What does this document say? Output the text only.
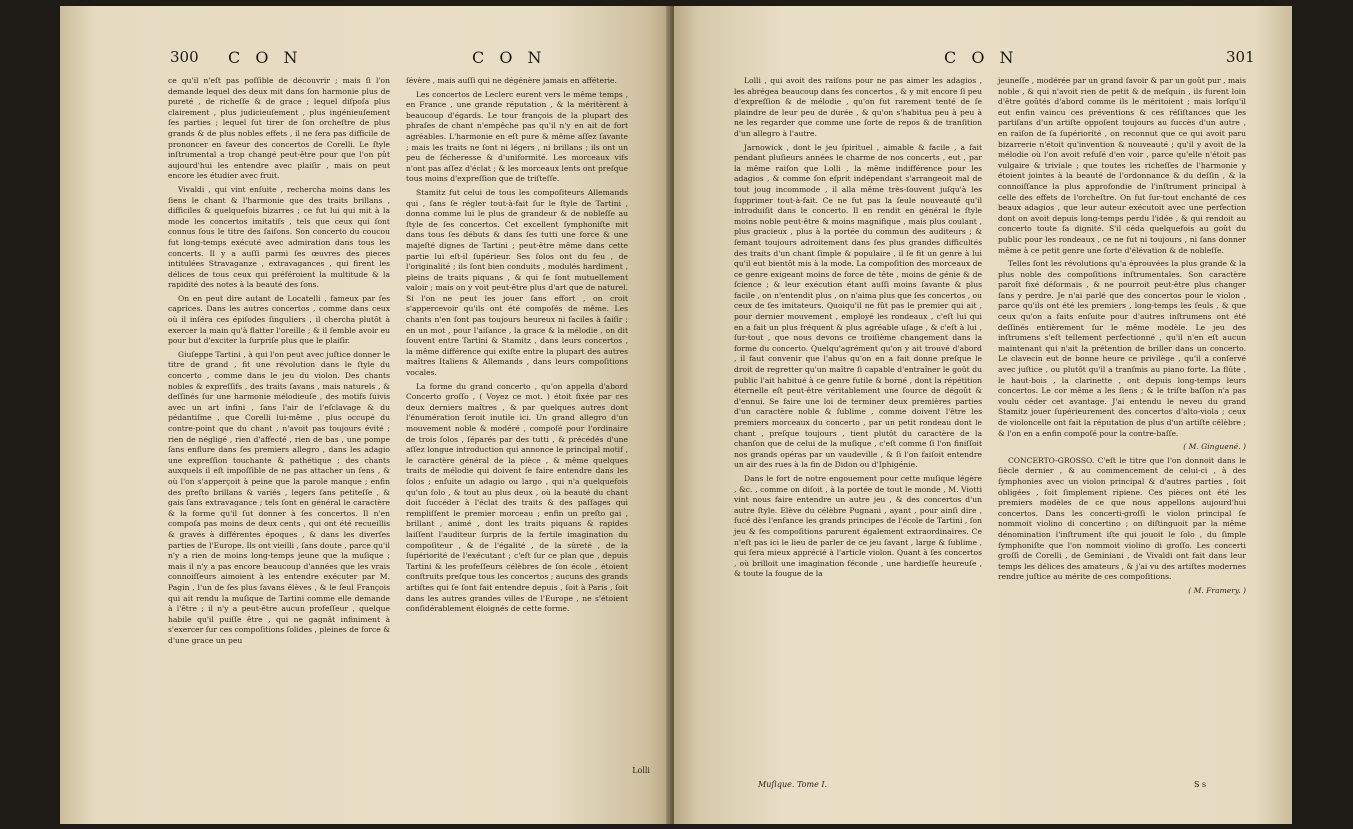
300 C O N	C O N

ce qu'il n'eſt pas poſſible de découvrir ; mais ſi l'on demande lequel des deux mit dans ſon harmonie plus de pureté , de richeſſe & de grace ; lequel diſpoſa plus clairement , plus judicieuſement , plus ingénieuſement ſes parties ; lequel ſut tirer de ſon orcheſtre de plus grands & de plus nobles effets , il ne ſera pas difficile de prononcer en faveur des concertos de Corelli. Le ſtyle inſtrumental a trop changé peut-être pour que l'on pût aujourd'hui les entendre avec plaiſir , mais on peut encore les étudier avec fruit.

Vivaldi , qui vint enſuite , rechercha moins dans les ſiens le chant & l'harmonie que des traits brillans , difficiles & quelquefois bizarres ; ce fut lui qui mit à la mode les concertos imitatifs , tels que ceux qui ſont connus ſous le titre des ſaiſons. Son concerto du coucou fut long-temps exécuté avec admiration dans tous les concerts. Il y a auſſi parmi ſes œuvres des pieces intitulées Stravaganze , extravagances , qui firent les délices de tous ceux qui préféroient la multitude & la rapidité des notes à la beauté des ſons.

On en peut dire autant de Locatelli , fameux par ſes caprices. Dans les autres concertos , comme dans ceux où il inſéra ces épiſodes ſinguliers , il chercha plutôt à exercer la main qu'à flatter l'oreille ; & il ſemble avoir eu pour but d'exciter la ſurpriſe plus que le plaiſir.

Giuſeppe Tartini , à qui l'on peut avec juſtice donner le titre de grand , fit une révolution dans le ſtyle du concerto , comme dans le jeu du violon. Des chants nobles & expreſſifs , des traits ſavans , mais naturels , & deſſinés ſur une harmonie mélodieuſe , des motifs ſuivis avec un art infini , ſans l'air de l'eſclavage & du pédantiſme , que Corelli lui-même , plus occupé du contre-point que du chant , n'avoit pas toujours évité ; rien de négligé , rien d'affecté , rien de bas , une pompe ſans enflure dans ſes premiers allegro , dans les adagio une expreſſion touchante & pathétique ; des chants auxquels il eſt impoſſible de ne pas attacher un ſens , & où l'on s'apperçoit à peine que la parole manque ; enfin des preſto brillans & variés , legers ſans petiteſſe , & gais ſans extravagance ; tels ſont en général le caractère & la forme qu'il ſut donner à ſes concertos. Il n'en compoſa pas moins de deux cents , qui ont été recueillis & gravés à différentes époques , & dans les diverſes parties de l'Europe. Ils ont vieilli , ſans doute , parce qu'il n'y a rien de moins long-temps jeune que la muſique ; mais il n'y a pas encore beaucoup d'années que les vrais connoiſſeurs aimoient à les entendre exécuter par M. Pagin , l'un de ſes plus ſavans élèves , & le ſeul François qui ait rendu la muſique de Tartini comme elle demande à l'être ; il n'y a peut-être aucun profeſſeur , quelque habile qu'il puiſſe être , qui ne gagnât infiniment à s'exercer ſur ces compoſitions ſolides , pleines de force & d'une grace un peu

ſévère , mais auſſi qui ne dégénère jamais en afféterie.

Les concertos de Leclerc eurent vers le même temps , en France , une grande réputation , & la méritèrent à beaucoup d'égards. Le tour françois de la plupart des phraſes de chant n'empêche pas qu'il n'y en ait de fort agréables. L'harmonie en eſt pure & même aſſez ſavante ; mais les traits ne ſont ni légers , ni brillans ; ils ont un peu de ſécheresse & d'uniformité. Les morceaux vifs n'ont pas aſſez d'éclat ; & les morceaux lents ont preſque tous moins d'expreſſion que de triſteſſe.

Stamitz fut celui de tous les compoſiteurs Allemands qui , ſans ſe régler tout-à-fait ſur le ſtyle de Tartini , donna comme lui le plus de grandeur & de nobleſſe au ſtyle de ſes concertos. Cet excellent ſymphoniſte mit dans tous ſes débuts & dans ſes tutti une force & une majeſté dignes de Tartini ; peut-être même dans cette partie lui eſt-il ſupérieur. Ses ſolos ont du feu , de l'originalité ; ils ſont bien conduits , modulés hardiment , pleins de traits piquans , & qui ſe ſont mutuellement valoir ; mais on y voit peut-être plus d'art que de naturel. Si l'on ne peut les jouer ſans effort , on croit s'appercevoir qu'ils ont été compoſés de même. Les chants n'en ſont pas toujours heureux ni faciles à ſaiſir ; en un mot , pour l'aiſance , la grace & la mélodie , on dit ſouvent entre Tartini & Stamitz , dans leurs concertos , la même différence qui exiſte entre la plupart des autres maîtres Italiens & Allemands , dans leurs compoſitions vocales.

La forme du grand concerto , qu'on appella d'abord Concerto groſſo , ( Voyez ce mot. ) étoit fixée par ces deux derniers maîtres , & par quelques autres dont l'énumération ſeroit inutile ici. Un grand allegro d'un mouvement noble & modéré , compoſé pour l'ordinaire de trois ſolos , ſéparés par des tutti , & précédés d'une aſſez longue introduction qui annonce le principal motif , le caractère général de la pièce , & même quelques traits de mélodie qui doivent ſe faire entendre dans les ſolos ; enſuite un adagio ou largo , qui n'a quelquefois qu'un ſolo , & tout au plus deux , où la beauté du chant doit ſuccéder à l'éclat des traits & des paſſages qui rempliſſent le premier morceau ; enfin un preſto gai , brillant , animé , dont les traits piquans & rapides laiſſent l'auditeur ſurpris de la fertile imagination du compoſiteur , & de l'égalité , de la sûreté , de la ſupériorité de l'exécutant ; c'eſt ſur ce plan que , depuis Tartini & les profeſſeurs célèbres de ſon école , étoient conſtruits preſque tous les concertos ; aucuns des grands artiſtes qui ſe ſont fait entendre depuis , ſoit à Paris , ſoit dans les autres grandes villes de l'Europe , ne s'étoient conſidérablement éloignés de cette forme.

Lolli
C O N	301

Lolli , qui avoit des raiſons pour ne pas aimer les adagios , les abrégea beaucoup dans ſes concertos , & y mit encore ſi peu d'expreſſion & de mélodie , qu'on fut rarement tenté de ſe plaindre de leur peu de durée , & qu'on s'habitua peu à peu à ne les regarder que comme une ſorte de repos & de tranſition d'un allegro à l'autre.

Jarnowick , dont le jeu ſpirituel , aimable & facile , a fait pendant pluſieurs années le charme de nos concerts , eut , par la même raiſon que Lolli , la même indifférence pour les adagios , & comme ſon eſprit indépendant s'arrangeoit mal de tout joug incommode , il alla même très-ſouvent juſqu'à les ſupprimer tout-à-fait. Ce ne fut pas la ſeule nouveauté qu'il introduiſit dans le concerto. Il en rendit en général le ſtyle moins noble peut-être & moins magnifique , mais plus coulant , plus gracieux , plus à la portée du commun des auditeurs ; & ſemant toujours adroitement dans ſes plus grandes difficultés des traits d'un chant ſimple & populaire , il ſe fit un genre à lui qu'il eut bientôt mis à la mode. La compoſition des morceaux de ce genre exigeant moins de force de tête , moins de génie & de ſcience ; & leur exécution étant auſſi moins ſavante & plus facile , on n'entendit plus , on n'aima plus que ſes concertos , ou ceux de ſes imitateurs. Quoiqu'il ne fût pas le premier qui ait , pour dernier mouvement , employé les rondeaux , c'eſt lui qui en a fait un plus fréquent & plus agréable uſage , & c'eſt à lui , ſur-tout , que nous devons ce troiſième changement dans la forme du concerto. Quelqu'agrément qu'on y ait trouvé d'abord , il faut convenir que l'abus qu'on en a fait donne preſque le droit de regretter qu'un maître ſi capable d'entraîner le goût du public l'ait habitué à ce genre futile & borné , dont la répétition éternelle eſt peut-être véritablement une ſource de dégoût & d'ennui. Se faire une loi de terminer deux premières parties d'un caractère noble & ſublime , comme doivent l'être les premiers morceaux du concerto , par un petit rondeau dont le chant , preſque toujours , tient plutôt du caractère de la chanſon que de celui de la muſique , c'eſt comme ſi l'on finiſſoit nos grands opéras par un vaudeville , & ſi l'on faiſoit entendre un air des rues à la fin de Didon ou d'Iphigénie.

Dans le fort de notre engouement pour cette muſique légère , &c. , comme on diſoit , à la portée de tout le monde , M. Viotti vint nous faire entendre un autre jeu , & des concertos d'un autre ſtyle. Elève du célèbre Pugnani , ayant , pour ainſi dire , ſucé dès l'enfance les grands principes de l'école de Tartini , ſon jeu & ſes compoſitions parurent également extraordinaires. Ce n'eſt pas ici le lieu de parler de ce jeu ſavant , large & ſublime , qui ſera mieux apprécié à l'article violon. Quant à ſes concertos , où brilloit une imagination féconde , une hardieſſe heureuſe , & toute la fougue de la

jeuneſſe , modérée par un grand ſavoir & par un goût pur , mais noble , & qui n'avoit rien de petit & de meſquin , ils furent loin d'être goûtés d'abord comme ils le méritoient ; mais lorſqu'il eut enfin vaincu ces préventions & ces réſiſtances que les partiſans d'un artiſte oppoſent toujours au ſuccès d'un autre , en raiſon de ſa ſupériorité , on reconnut que ce qui avoit paru bizarrerie n'étoit qu'invention & nouveauté ; qu'il y avoit de la mélodie où l'on avoit refuſé d'en voir , parce qu'elle n'étoit pas vulgaire & triviale ; que toutes les richeſſes de l'harmonie y étoient jointes à la beauté de l'ordonnance & du deſſin , & la connoiſſance la plus approfondie de l'inſtrument principal à celle des effets de l'orcheſtre. On fut ſur-tout enchanté de ces beaux adagios , que leur auteur exécutoit avec une perfection dont on avoit depuis long-temps perdu l'idée , & qui rendoit au concerto toute ſa dignité. S'il céda quelquefois au goût du public pour les rondeaux , ce ne fut ni toujours , ni ſans donner même à ce petit genre une ſorte d'élévation & de nobleſſe.

Telles ſont les révolutions qu'a éprouvées la plus grande & la plus noble des compoſitions inſtrumentales. Son caractère paroît fixé déſormais , & ne pourroit peut-être plus changer ſans y perdre. Je n'ai parlé que des concertos pour le violon , parce qu'ils ont été les premiers , long-temps les ſeuls , & que ceux qu'on a faits enſuite pour d'autres inſtrumens ont été deſſinés entièrement ſur le même modèle. Le jeu des inſtrumens s'eſt tellement perfectionné , qu'il n'en eſt aucun maintenant qui n'ait la prétention de briller dans un concerto. Le clavecin eut de bonne heure ce privilège , qu'il a conſervé avec juſtice , ou plutôt qu'il a tranſmis au piano forte. La flûte , le haut-bois , la clarinette , ont depuis long-temps leurs concertos. Le cor même a les ſiens ; & le triſte baſſon n'a pas voulu céder cet avantage. J'ai entendu le neveu du grand Stamitz jouer ſupérieurement des concertos d'alto-viola ; ceux de violoncelle ont fait la réputation de plus d'un artiſte célèbre ; & l'on en a enfin compoſé pour la contre-baſſe.

( M. Ginguené. )

CONCERTO-GROSSO. C'eſt le titre que l'on donnoit dans le ſiècle dernier , & au commencement de celui-ci , à des ſymphonies avec un violon principal & d'autres parties , ſoit obligées , ſoit ſimplement ripiene. Ces pièces ont été les premiers modèles de ce que nous appellons aujourd'hui concertos. Dans les concerti-groſſi le violon principal ſe nommoit violino di concertino ; on diſtinguoit par la même dénomination l'inſtrument iſte qui jouoit le ſolo , du ſimple ſymphoniſte que l'on nommoit violino di groſſo. Les concerti groſſi de Corelli , de Geminiani , de Vivaldi ont fait dans leur temps les délices des amateurs , & j'ai vu des artiſtes modernes rendre juſtice au mérite de ces compoſitions.

( M. Framery. )

Muſique. Tome I.	S s
